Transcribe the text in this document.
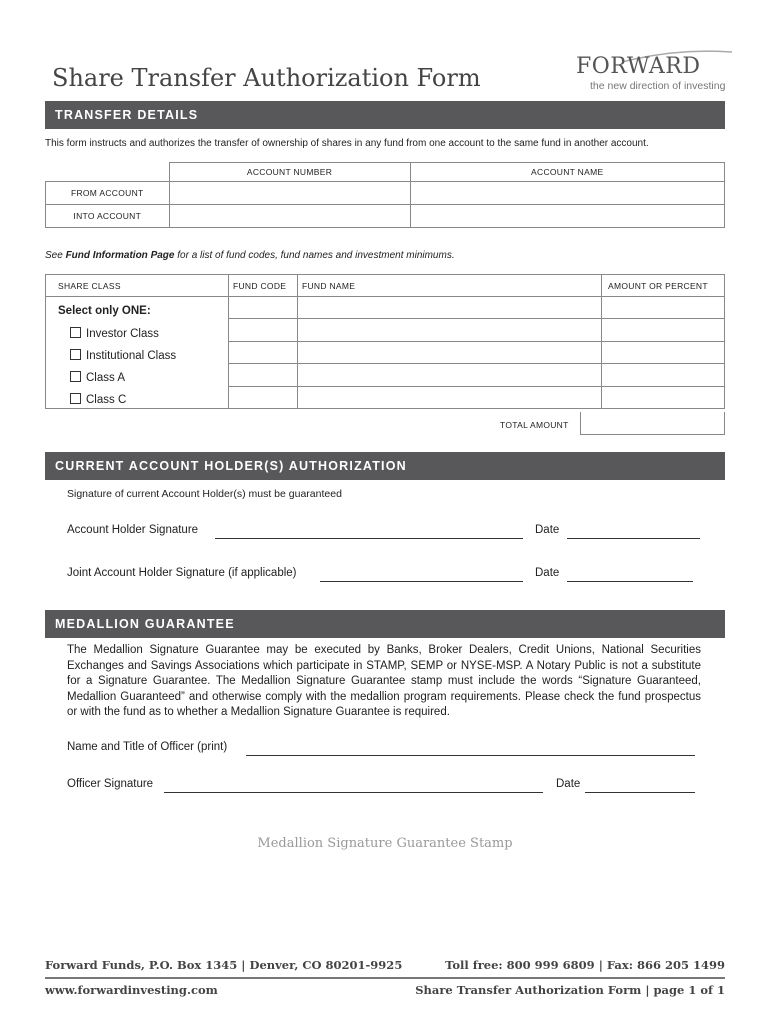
Share Transfer Authorization Form	FORWARD
the new direction of investing
TRANSFER DETAILS
This form instructs and authorizes the transfer of ownership of shares in any fund from one account to the same fund in another account.
	ACCOUNT NUMBER	ACCOUNT NAME
FROM ACCOUNT		
INTO ACCOUNT		
See Fund Information Page for a list of fund codes, fund names and investment minimums.
SHARE CLASS	FUND CODE	FUND NAME	AMOUNT OR PERCENT

Select only ONE:
Investor Class
Institutional Class
Class A
Class C
TOTAL AMOUNT
CURRENT ACCOUNT HOLDER(S) AUTHORIZATION
Signature of current Account Holder(s) must be guaranteed
Account Holder Signature	Date
Joint Account Holder Signature (if applicable)	Date
MEDALLION GUARANTEE
The Medallion Signature Guarantee may be executed by Banks, Broker Dealers, Credit Unions, National Securities Exchanges and Savings Associations which participate in STAMP, SEMP or NYSE-MSP. A Notary Public is not a substitute for a Signature Guarantee. The Medallion Signature Guarantee stamp must include the words “Signature Guaranteed, Medallion Guaranteed” and otherwise comply with the medallion program requirements. Please check the fund prospectus or with the fund as to whether a Medallion Signature Guarantee is required.
Name and Title of Officer (print)
Officer Signature	Date
Medallion Signature Guarantee Stamp
Forward Funds, P.O. Box 1345 | Denver, CO 80201-9925	Toll free: 800 999 6809 | Fax: 866 205 1499
www.forwardinvesting.com	Share Transfer Authorization Form | page 1 of 1
